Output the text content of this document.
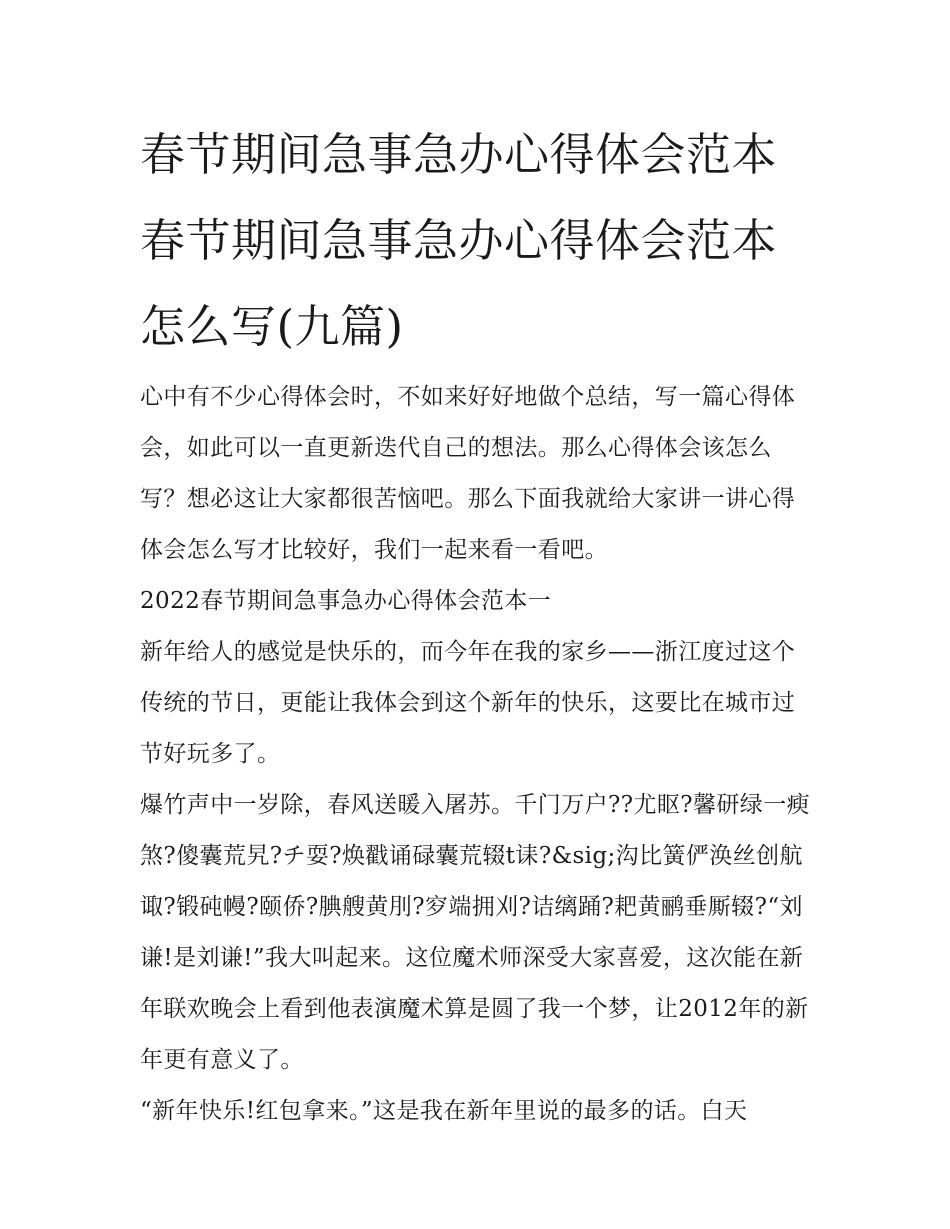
春节期间急事急办心得体会范本 春节期间急事急办心得体会范本怎么写(九篇)

心中有不少心得体会时，不如来好好地做个总结，写一篇心得体会，如此可以一直更新迭代自己的想法。那么心得体会该怎么写？想必这让大家都很苦恼吧。那么下面我就给大家讲一讲心得体会怎么写才比较好，我们一起来看一看吧。

2022春节期间急事急办心得体会范本一

新年给人的感觉是快乐的，而今年在我的家乡——浙江度过这个传统的节日，更能让我体会到这个新年的快乐，这要比在城市过节好玩多了。

爆竹声中一岁除，春风送暖入屠苏。千门万户??尤眍?馨研绿一瘐煞?傻囊荒旯?チ耍?焕戳诵碌囊荒辍t诔?&sig;沟比簧俨涣丝创航诹?锻砘幔?颐侨?腆艘黄刖?穸端拥刈?诘缡踊?耙黄鹂垂厮辍?“刘谦!是刘谦!”我大叫起来。这位魔术师深受大家喜爱，这次能在新年联欢晚会上看到他表演魔术算是圆了我一个梦，让2012年的新年更有意义了。

“新年快乐!红包拿来。”这是我在新年里说的最多的话。白天
